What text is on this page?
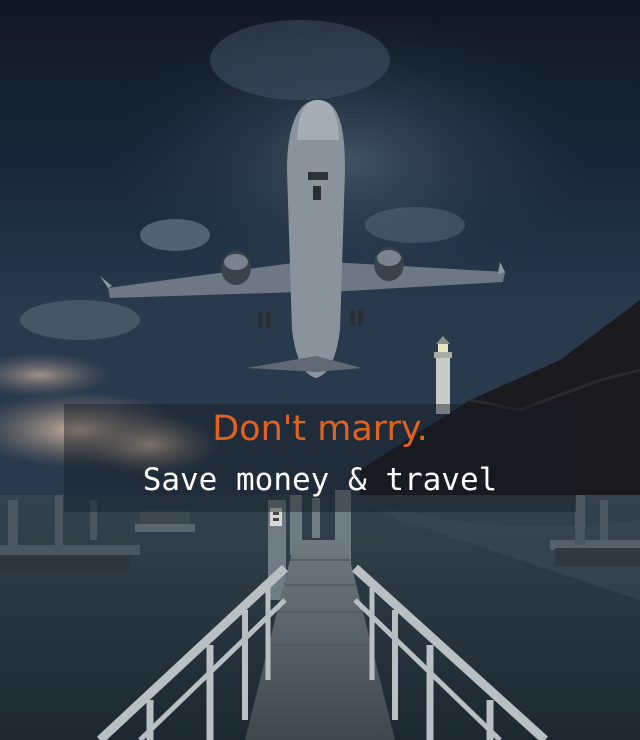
Don't marry.
Save money & travel
